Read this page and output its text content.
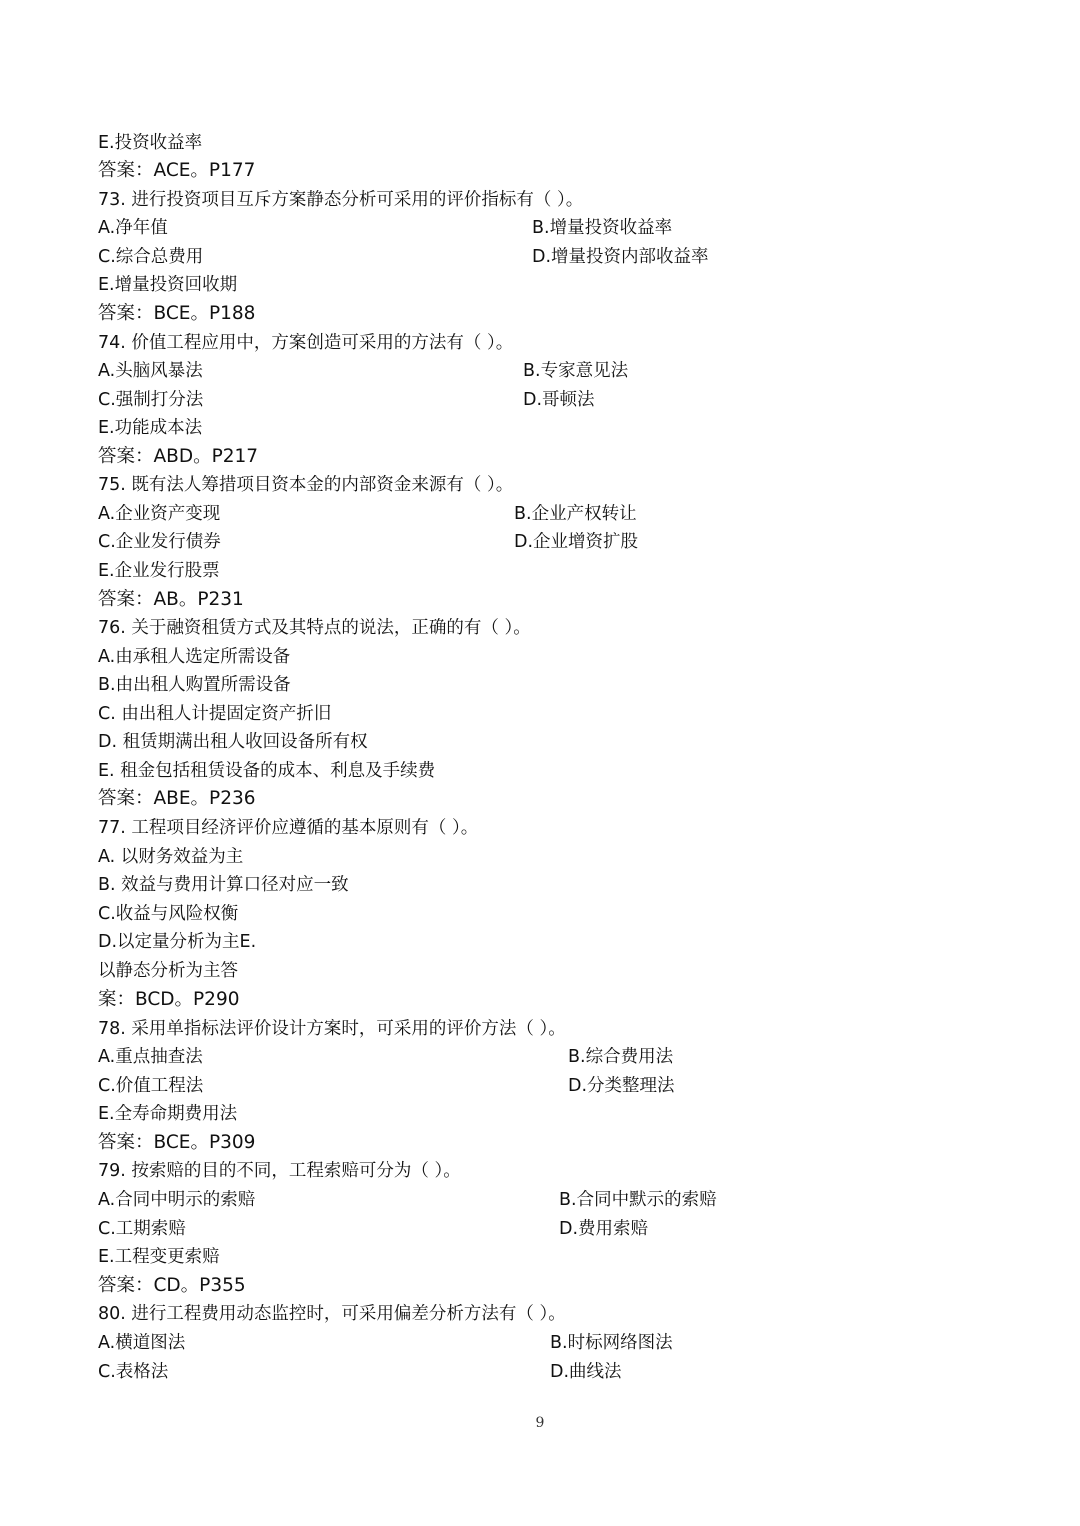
E.投资收益率
答案：ACE。P177
73. 进行投资项目互斥方案静态分析可采用的评价指标有（ ）。
A.净年值
C.综合总费用
E.增量投资回收期
答案：BCE。P188
74. 价值工程应用中，方案创造可采用的方法有（ ）。
A.头脑风暴法
C.强制打分法
E.功能成本法
答案：ABD。P217
75. 既有法人筹措项目资本金的内部资金来源有（ ）。
A.企业资产变现
C.企业发行债券
E.企业发行股票
答案：AB。P231
76. 关于融资租赁方式及其特点的说法，正确的有（ ）。
A.由承租人选定所需设备
B.由出租人购置所需设备
C. 由出租人计提固定资产折旧
D. 租赁期满出租人收回设备所有权
E. 租金包括租赁设备的成本、利息及手续费
答案：ABE。P236
77. 工程项目经济评价应遵循的基本原则有（ ）。
A. 以财务效益为主
B. 效益与费用计算口径对应一致
C.收益与风险权衡
D.以定量分析为主E.
以静态分析为主答
案：BCD。P290
78. 采用单指标法评价设计方案时，可采用的评价方法（ ）。
A.重点抽查法
C.价值工程法
E.全寿命期费用法
答案：BCE。P309
79. 按索赔的目的不同，工程索赔可分为（ ）。
A.合同中明示的索赔
C.工期索赔
E.工程变更索赔
答案：CD。P355
80. 进行工程费用动态监控时，可采用偏差分析方法有（ ）。
A.横道图法
C.表格法
B.增量投资收益率
D.增量投资内部收益率
B.专家意见法
D.哥顿法
B.企业产权转让
D.企业增资扩股
B.综合费用法
D.分类整理法
B.合同中默示的索赔
D.费用索赔
B.时标网络图法
D.曲线法
9
